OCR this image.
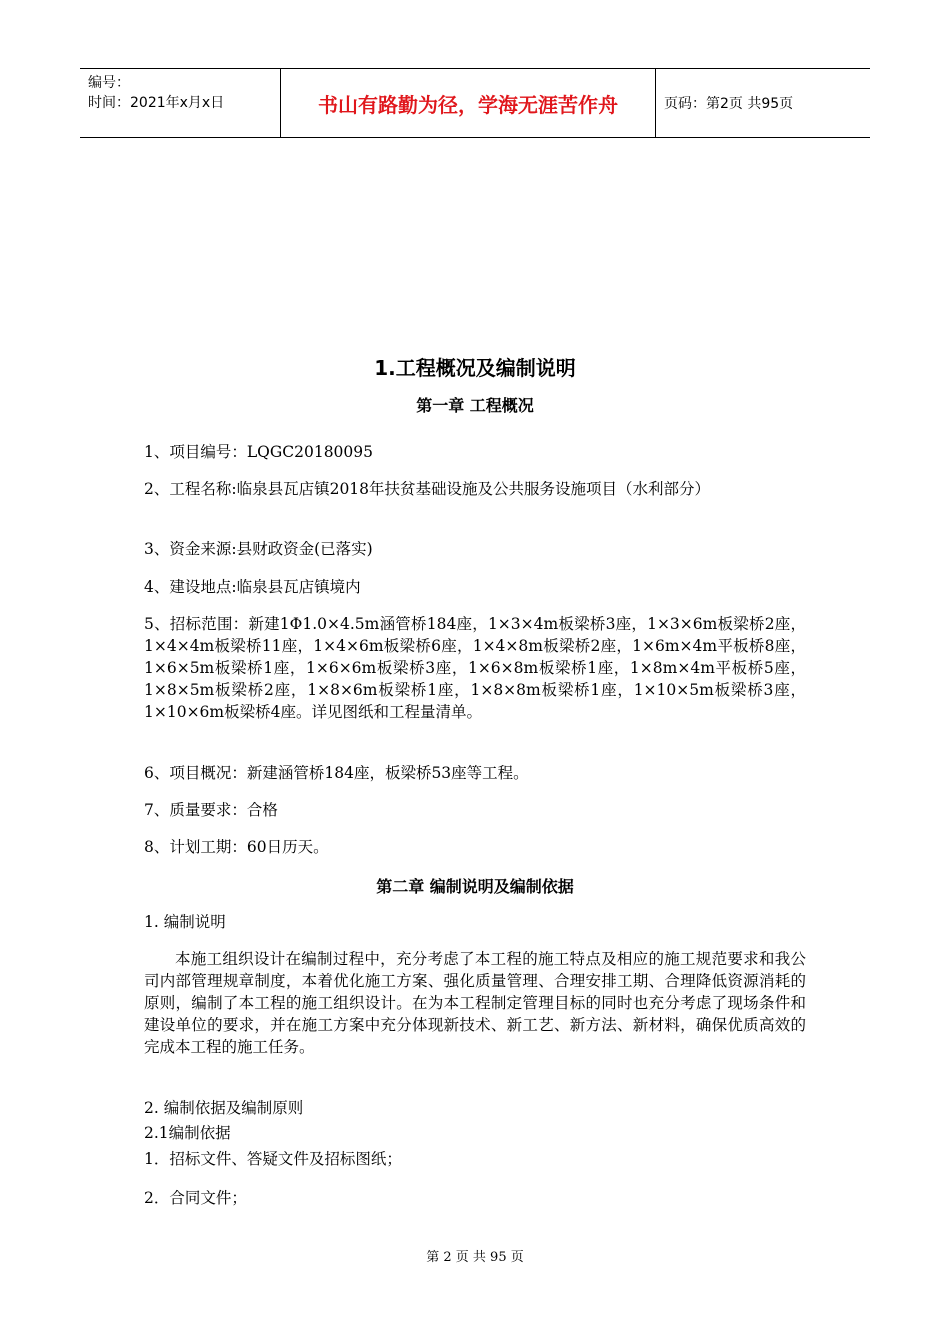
编号：
时间：2021年x月x日	书山有路勤为径，学海无涯苦作舟	页码：第2页 共95页
1.工程概况及编制说明
第一章 工程概况
1、项目编号：LQGC20180095
2、工程名称:临泉县瓦店镇2018年扶贫基础设施及公共服务设施项目（水利部分）
3、资金来源:县财政资金(已落实)
4、建设地点:临泉县瓦店镇境内
5、招标范围：新建1Φ1.0×4.5m涵管桥184座，1×3×4m板梁桥3座，1×3×6m板梁桥2座，1×4×4m板梁桥11座，1×4×6m板梁桥6座，1×4×8m板梁桥2座，1×6m×4m平板桥8座，1×6×5m板梁桥1座，1×6×6m板梁桥3座，1×6×8m板梁桥1座，1×8m×4m平板桥5座，1×8×5m板梁桥2座，1×8×6m板梁桥1座，1×8×8m板梁桥1座，1×10×5m板梁桥3座，1×10×6m板梁桥4座。详见图纸和工程量清单。
6、项目概况：新建涵管桥184座，板梁桥53座等工程。
7、质量要求：合格
8、计划工期：60日历天。
第二章 编制说明及编制依据
1. 编制说明
本施工组织设计在编制过程中，充分考虑了本工程的施工特点及相应的施工规范要求和我公司内部管理规章制度，本着优化施工方案、强化质量管理、合理安排工期、合理降低资源消耗的原则，编制了本工程的施工组织设计。在为本工程制定管理目标的同时也充分考虑了现场条件和建设单位的要求，并在施工方案中充分体现新技术、新工艺、新方法、新材料，确保优质高效的完成本工程的施工任务。
2. 编制依据及编制原则
2.1编制依据
1．招标文件、答疑文件及招标图纸；
2．合同文件；
第 2 页 共 95 页
